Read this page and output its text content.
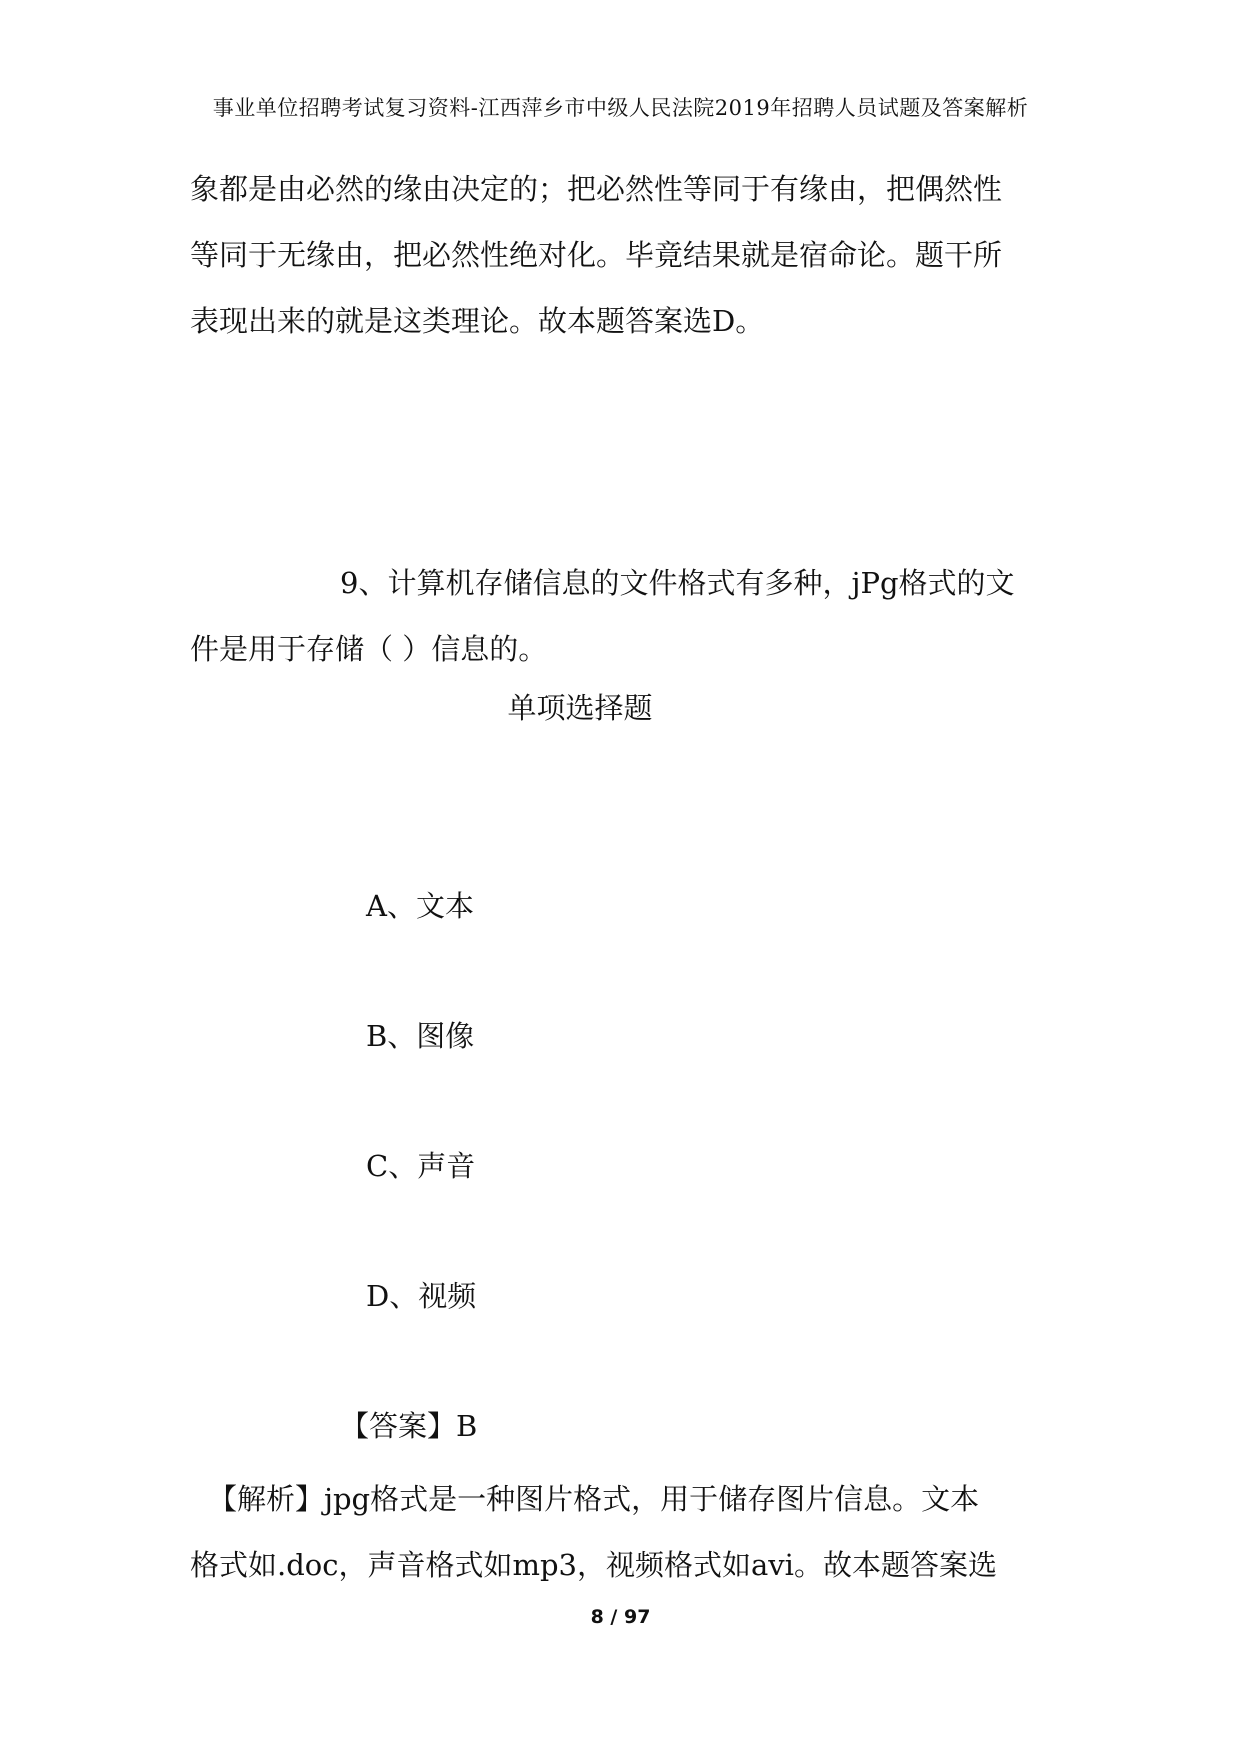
事业单位招聘考试复习资料-江西萍乡市中级人民法院2019年招聘人员试题及答案解析
象都是由必然的缘由决定的；把必然性等同于有缘由，把偶然性
等同于无缘由，把必然性绝对化。毕竟结果就是宿命论。题干所
表现出来的就是这类理论。故本题答案选D。
9、计算机存储信息的文件格式有多种，jPg格式的文
件是用于存储（ ）信息的。
单项选择题
A、文本
B、图像
C、声音
D、视频
【答案】B
【解析】jpg格式是一种图片格式，用于储存图片信息。文本
格式如.doc，声音格式如mp3，视频格式如avi。故本题答案选
8 / 97
